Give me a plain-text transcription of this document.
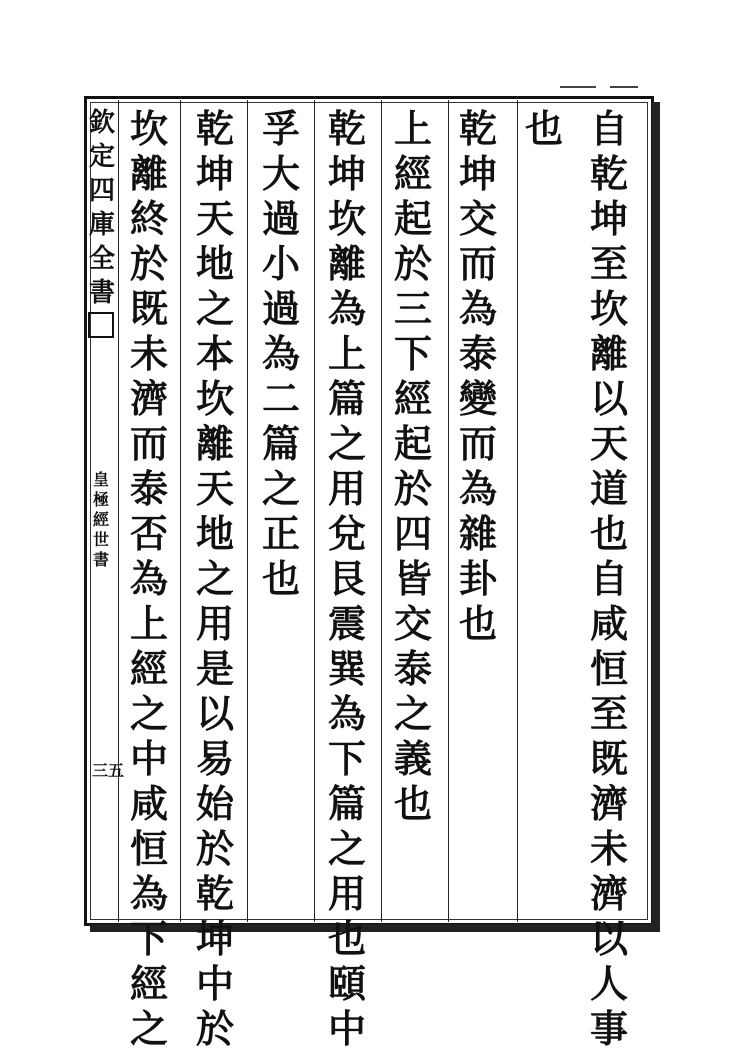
自
乾
坤
至
坎
離
以
天
道
也
自
咸
恒
至
既
濟
未
濟
以
人
事
也
乾
坤
交
而
為
泰
變
而
為
雜
卦
也
上
經
起
於
三
下
經
起
於
四
皆
交
泰
之
義
也
乾
坤
坎
離
為
上
篇
之
用
兌
艮
震
巽
為
下
篇
之
用
也
頤
中
孚
大
過
小
過
為
二
篇
之
正
也
乾
坤
天
地
之
本
坎
離
天
地
之
用
是
以
易
始
於
乾
坤
中
於
坎
離
終
於
既
未
濟
而
泰
否
為
上
經
之
中
咸
恒
為
下
經
之
欽
定
四
庫
全
書
皇
極
經
世
書
三五
